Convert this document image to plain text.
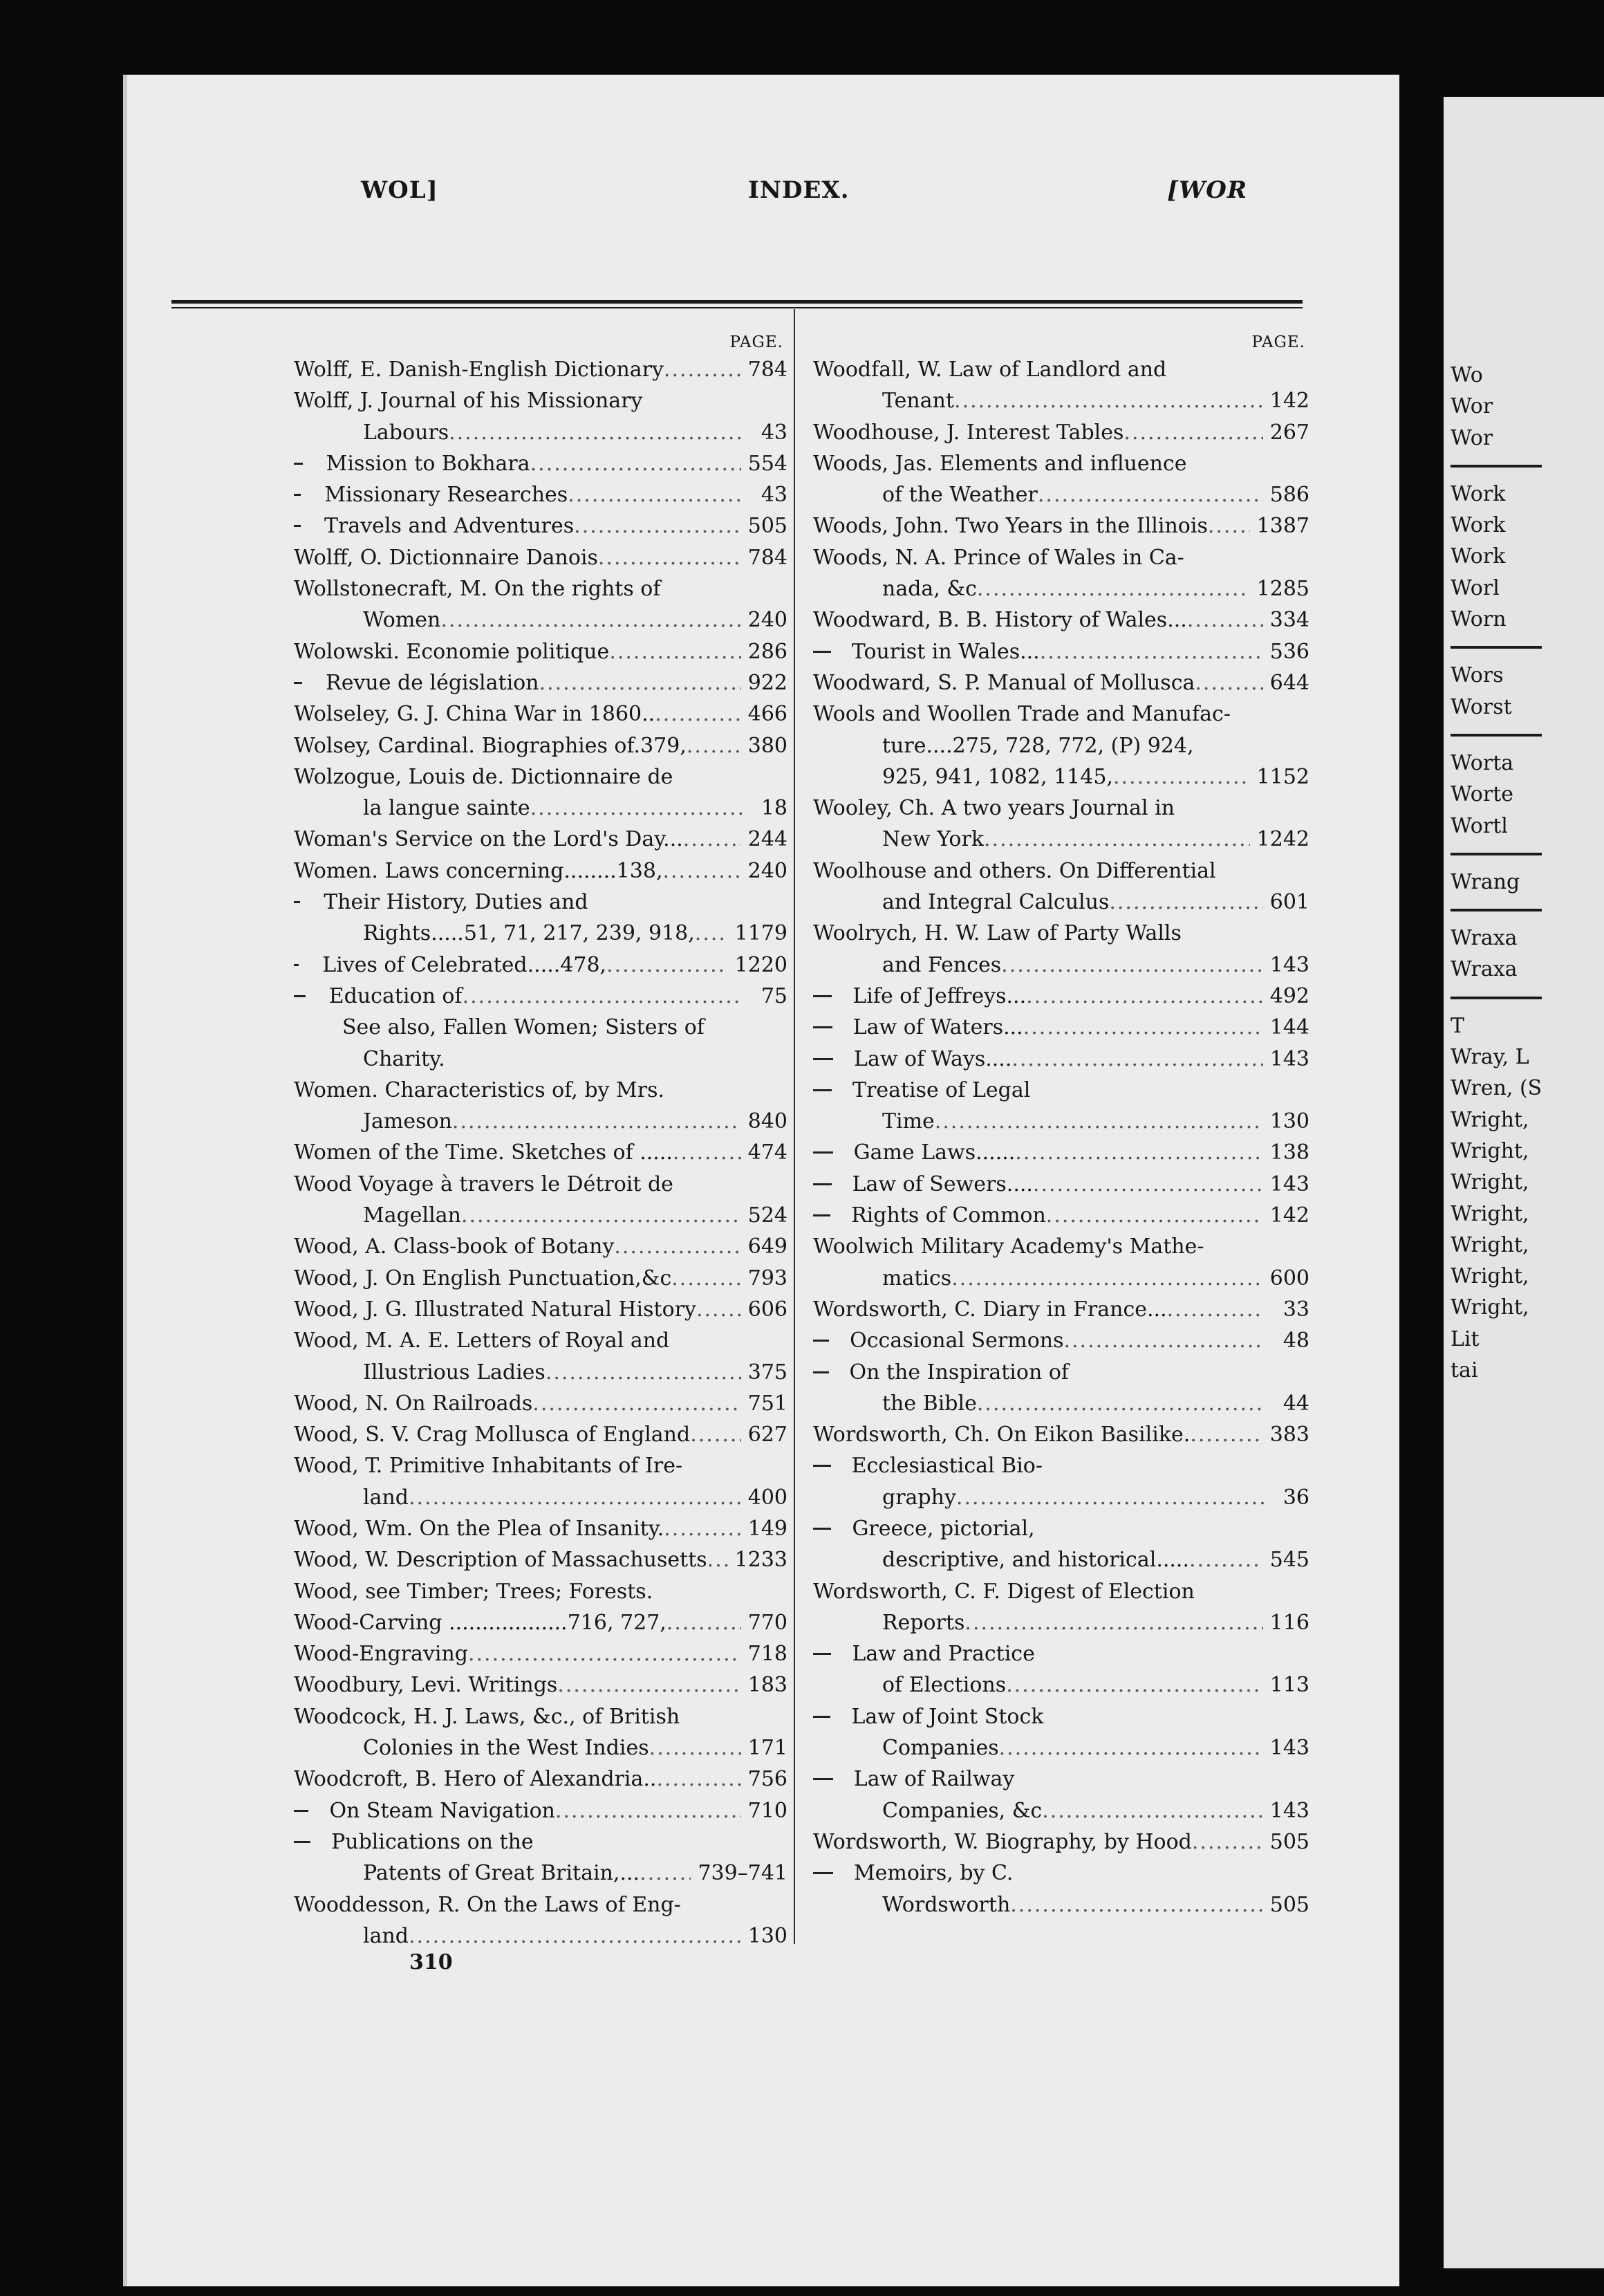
Wo
Wor
Wor
Work
Work
Work
Worl
Worn
Wors
Worst
Worta
Worte
Wortl
Wrang
Wraxa
Wraxa
T
Wray, L
Wren, (S
Wright,
Wright,
Wright,
Wright,
Wright,
Wright,
Wright,
Lit
tai
WOL]	INDEX.	[WOR
PAGE.
Wolff, E. Danish-English Dictionary .....	784
Wolff, J. Journal of his Missionary
Labours .....	43
Mission to Bokhara .....	554
Missionary Researches .....	43
Travels and Adventures .....	505
Wolff, O. Dictionnaire Danois .....	784
Wollstonecraft, M. On the rights of
Women .....	240
Wolowski. Economie politique .....	286
Revue de législation .....	922
Wolseley, G. J. China War in 1860.. .....	466
Wolsey, Cardinal. Biographies of.379, .....	380
Wolzogue, Louis de. Dictionnaire de
la langue sainte .....	18
Woman's Service on the Lord's Day... .....	244
Women. Laws concerning........138, .....	240
Their History, Duties and
Rights.....51, 71, 217, 239, 918, .....	1179
Lives of Celebrated.....478, .....	1220
Education of .....	75
See also, Fallen Women; Sisters of
Charity.
Women. Characteristics of, by Mrs.
Jameson .....	840
Women of the Time. Sketches of ..... .....	474
Wood Voyage à travers le Détroit de
Magellan .....	524
Wood, A. Class-book of Botany .....	649
Wood, J. On English Punctuation,&c .....	793
Wood, J. G. Illustrated Natural History .....	606
Wood, M. A. E. Letters of Royal and
Illustrious Ladies .....	375
Wood, N. On Railroads .....	751
Wood, S. V. Crag Mollusca of England .....	627
Wood, T. Primitive Inhabitants of Ire-
land .....	400
Wood, Wm. On the Plea of Insanity. .....	149
Wood, W. Description of Massachusetts .....	1233
Wood, see Timber; Trees; Forests.
Wood-Carving ..................716, 727, .....	770
Wood-Engraving .....	718
Woodbury, Levi. Writings .....	183
Woodcock, H. J. Laws, &c., of British
Colonies in the West Indies .....	171
Woodcroft, B. Hero of Alexandria.. .....	756
On Steam Navigation .....	710
Publications on the
Patents of Great Britain,... .....	739–741
Wooddesson, R. On the Laws of Eng-
land .....	130
PAGE.
Woodfall, W. Law of Landlord and
Tenant .....	142
Woodhouse, J. Interest Tables .....	267
Woods, Jas. Elements and influence
of the Weather .....	586
Woods, John. Two Years in the Illinois .....	1387
Woods, N. A. Prince of Wales in Ca-
nada, &c .....	1285
Woodward, B. B. History of Wales... .....	334
Tourist in Wales... .....	536
Woodward, S. P. Manual of Mollusca .....	644
Wools and Woollen Trade and Manufac-
ture....275, 728, 772, (P) 924,
925, 941, 1082, 1145, .....	1152
Wooley, Ch. A two years Journal in
New York .....	1242
Woolhouse and others. On Differential
and Integral Calculus .....	601
Woolrych, H. W. Law of Party Walls
and Fences .....	143
Life of Jeffreys... .....	492
Law of Waters... .....	144
Law of Ways.... .....	143
Treatise of Legal
Time .....	130
Game Laws...... .....	138
Law of Sewers.... .....	143
Rights of Common .....	142
Woolwich Military Academy's Mathe-
matics .....	600
Wordsworth, C. Diary in France... .....	33
Occasional Sermons .....	48
On the Inspiration of
the Bible .....	44
Wordsworth, Ch. On Eikon Basilike. .....	383
Ecclesiastical Bio-
graphy .....	36
Greece, pictorial,
descriptive, and historical..... .....	545
Wordsworth, C. F. Digest of Election
Reports .....	116
Law and Practice
of Elections .....	113
Law of Joint Stock
Companies .....	143
Law of Railway
Companies, &c .....	143
Wordsworth, W. Biography, by Hood .....	505
Memoirs, by C.
Wordsworth .....	505
310
